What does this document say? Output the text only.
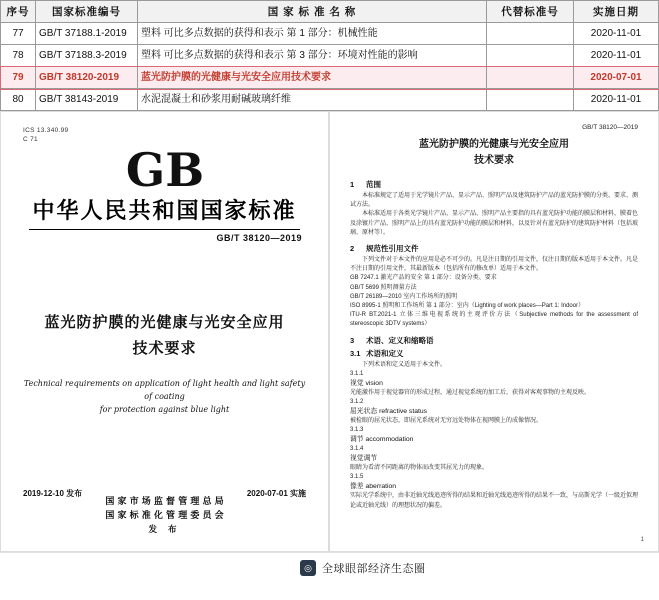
序号	国家标准编号	国 家 标 准 名 称	代替标准号	实施日期
77	GB/T 37188.1-2019	塑料 可比多点数据的获得和表示 第 1 部分：机械性能		2020-11-01
78	GB/T 37188.3-2019	塑料 可比多点数据的获得和表示 第 3 部分：环境对性能的影响		2020-11-01
79	GB/T 38120-2019	蓝光防护膜的光健康与光安全应用技术要求		2020-07-01
80	GB/T 38143-2019	水泥混凝土和砂浆用耐碱玻璃纤维		2020-11-01
ICS 13.340.99
C 71
GB
中华人民共和国国家标准
GB/T 38120—2019
蓝光防护膜的光健康与光安全应用
技术要求
Technical requirements on application of light health and light safety of coating
for protection against blue light
2019-12-10 发布	2020-07-01 实施
国 家 市 场 监 督 管 理 总 局
国 家 标 准 化 管 理 委 员 会
发 布
GB/T 38120—2019
蓝光防护膜的光健康与光安全应用
技术要求
1 范围
本标准规定了适用于光学镜片产品、显示产品、照明产品及建筑防护产品的蓝光防护膜的分类、要求、测试方法。
本标准适用于各类光学镜片产品、显示产品、照明产品主要指的具有蓝光防护功能的膜层和材料，膜着色及涂镀片产品、照明产品上的具有蓝光防护功能的膜层和材料，以及针对有蓝光防护的建筑防护材料（包括玻璃、原材等）。
2 规范性引用文件
下列文件对于本文件的应用是必不可少的。凡是注日期的引用文件，仅注日期的版本适用于本文件。凡是不注日期的引用文件，其最新版本（包括所有的修改单）适用于本文件。
GB 7247.1 激光产品的安全 第 1 部分：设备分类、要求
GB/T 5699 照明测量方法
GB/T 26189—2010 室内工作场所的照明
ISO 8995-1 照明和工作场所 第 1 部分：室内（Lighting of work places—Part 1: Indoor）
ITU-R BT.2021-1 立体三维电视系统的主观评价方法（Subjective methods for the assessment of stereoscopic 3DTV systems）
3 术语、定义和缩略语
3.1 术语和定义
下列术语和定义适用于本文件。
3.1.1
视觉 vision
光能激作用于视觉器官的形成过程，通过视觉系统的加工后，获得对客观事物的主观反映。
3.1.2
屈光状态 refractive status
被检眼的屈光状态，即屈光系统对无穷远处物体在视网膜上的成像情况。
3.1.3
调节 accommodation
3.1.4
视觉调节
眼睛为看清不同距离的物体而改变其屈光力的现象。
3.1.5
像差 aberration
实际光学系统中，由非近轴光线追迹所得的结果和近轴光线追迹所得的结果不一致，与高斯光学（一级近似理论或近轴光线）的理想状况的偏差。
1
◎ 全球眼部经济生态圈
